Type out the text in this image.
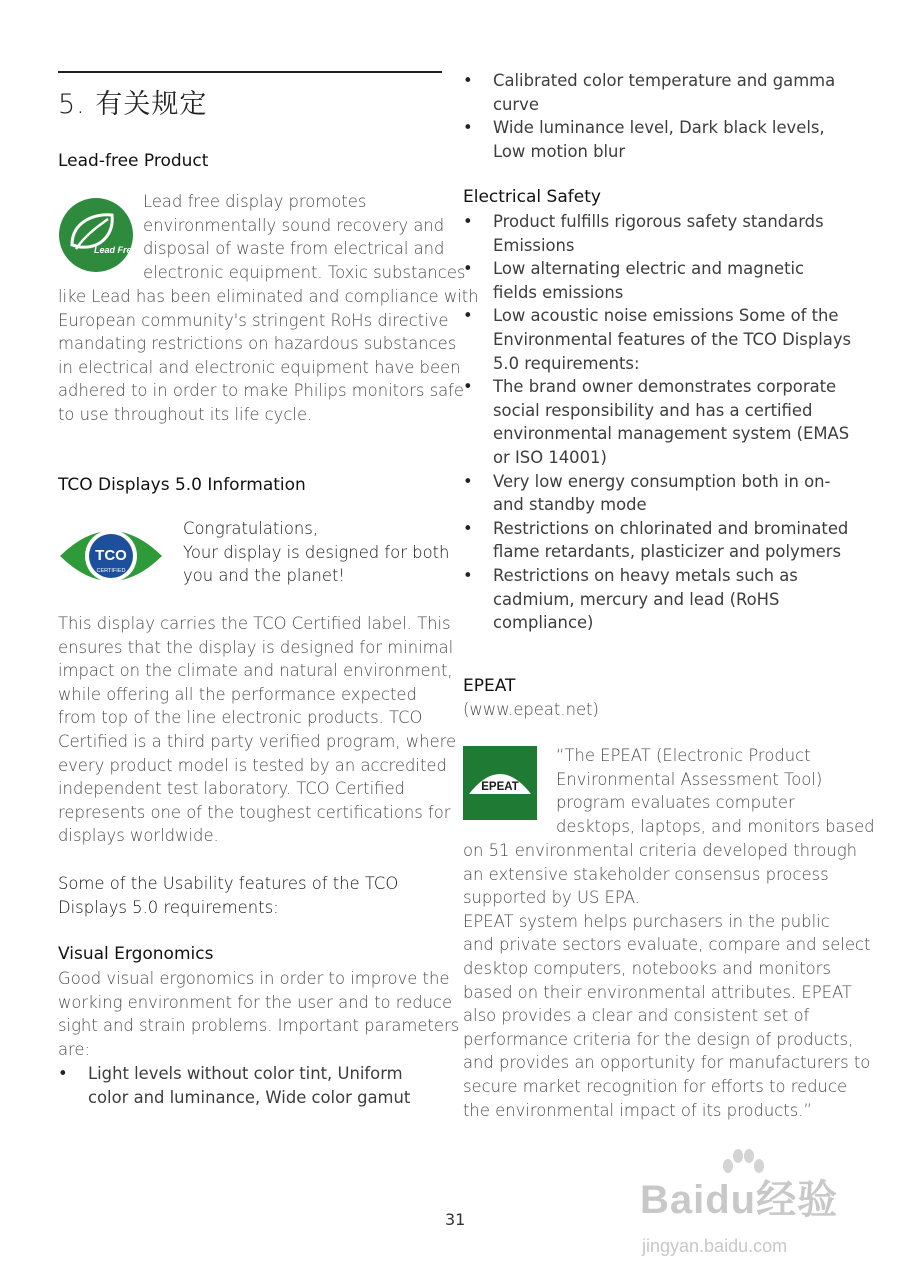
5. 有关规定
Lead-free Product
Lead Free!
Lead free display promotes
environmentally sound recovery and
disposal of waste from electrical and
electronic equipment. Toxic substances
like Lead has been eliminated and compliance with
European community's stringent RoHs directive
mandating restrictions on hazardous substances
in electrical and electronic equipment have been
adhered to in order to make Philips monitors safe
to use throughout its life cycle.
TCO Displays 5.0 Information
TCO
CERTIFIED
Congratulations,
Your display is designed for both
you and the planet!
This display carries the TCO Certified label. This
ensures that the display is designed for minimal
impact on the climate and natural environment,
while offering all the performance expected
from top of the line electronic products. TCO
Certified is a third party verified program, where
every product model is tested by an accredited
independent test laboratory. TCO Certified
represents one of the toughest certifications for
displays worldwide.
Some of the Usability features of the TCO
Displays 5.0 requirements:
Visual Ergonomics
Good visual ergonomics in order to improve the
working environment for the user and to reduce
sight and strain problems. Important parameters
are:
• Light levels without color tint, Uniform color and luminance, Wide color gamut
• Calibrated color temperature and gamma curve
• Wide luminance level, Dark black levels, Low motion blur
Electrical Safety
• Product fulfills rigorous safety standards Emissions
• Low alternating electric and magnetic fields emissions
• Low acoustic noise emissions Some of the Environmental features of the TCO Displays 5.0 requirements:
• The brand owner demonstrates corporate social responsibility and has a certified environmental management system (EMAS or ISO 14001)
• Very low energy consumption both in on- and standby mode
• Restrictions on chlorinated and brominated flame retardants, plasticizer and polymers
• Restrictions on heavy metals such as cadmium, mercury and lead (RoHS compliance)
EPEAT
(www.epeat.net)
EPEAT
“The EPEAT (Electronic Product
Environmental Assessment Tool)
program evaluates computer
desktops, laptops, and monitors based
on 51 environmental criteria developed through
an extensive stakeholder consensus process
supported by US EPA.
EPEAT system helps purchasers in the public
and private sectors evaluate, compare and select
desktop computers, notebooks and monitors
based on their environmental attributes. EPEAT
also provides a clear and consistent set of
performance criteria for the design of products,
and provides an opportunity for manufacturers to
secure market recognition for efforts to reduce
the environmental impact of its products.”
31	Baidu经验
jingyan.baidu.com
